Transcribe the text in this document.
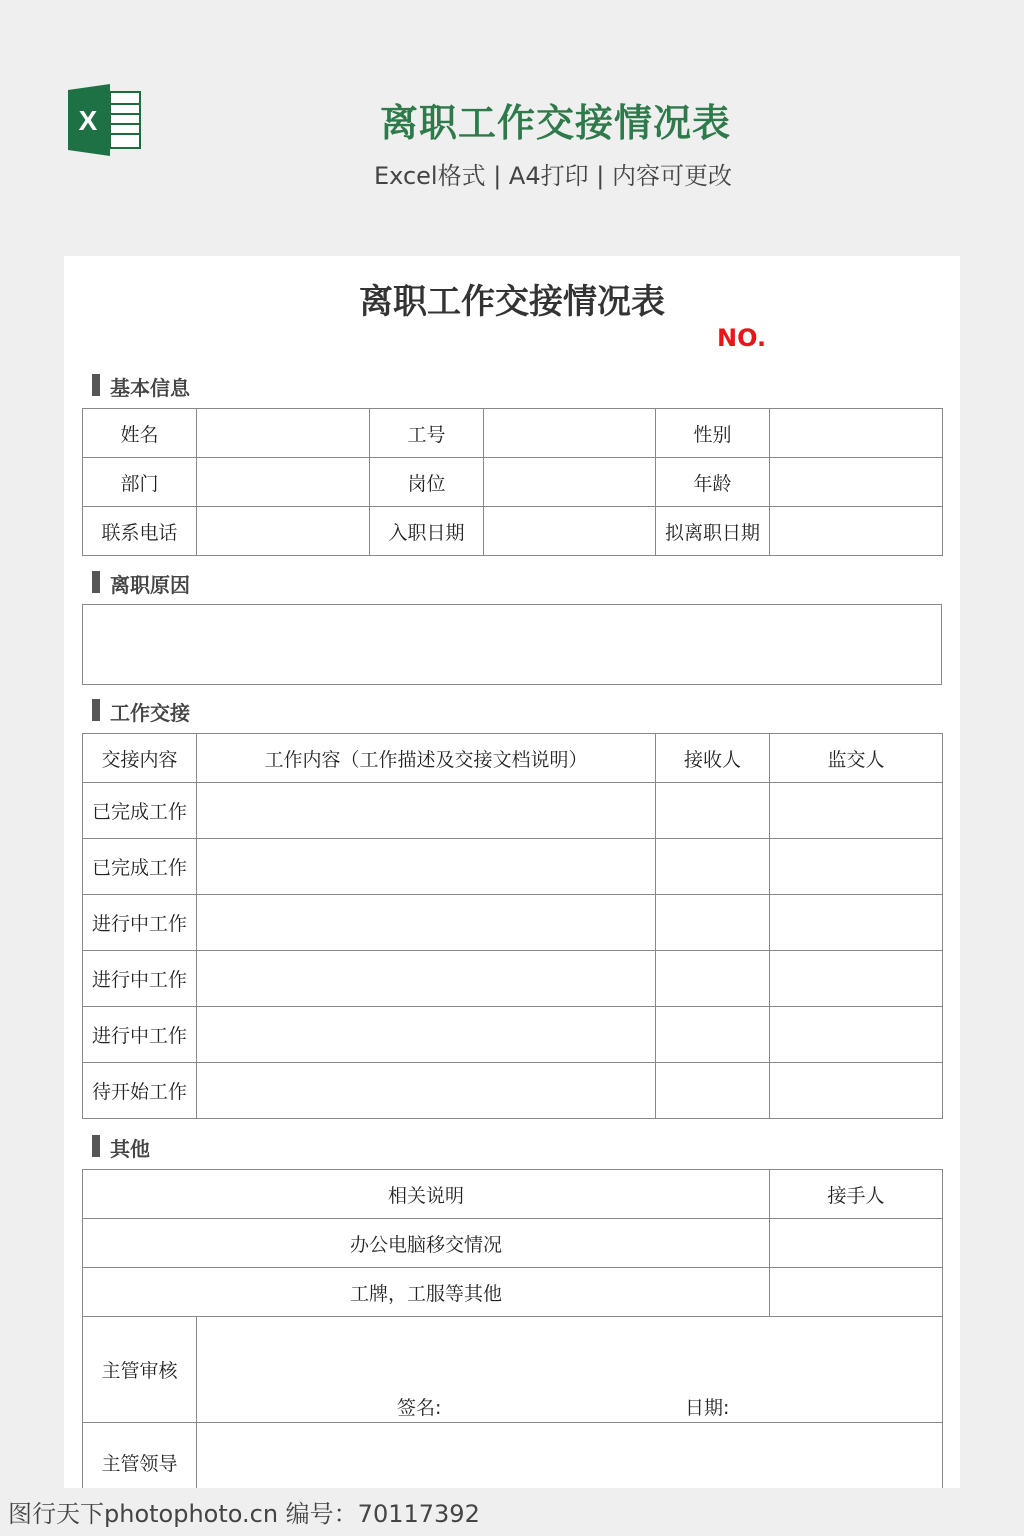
X	离职工作交接情况表
Excel格式 | A4打印 | 内容可更改
离职工作交接情况表
NO.
基本信息
姓名		工号		性别	
部门		岗位		年龄	
联系电话		入职日期		拟离职日期	
离职原因
工作交接
交接内容	工作内容（工作描述及交接文档说明）	接收人	监交人
已完成工作			
已完成工作			
进行中工作			
进行中工作			
进行中工作			
待开始工作			
其他
相关说明		接手人
办公电脑移交情况		
工牌，工服等其他		
主管审核	签名: 日期:	

主管领导		
图行天下photophoto.cn 编号：70117392
